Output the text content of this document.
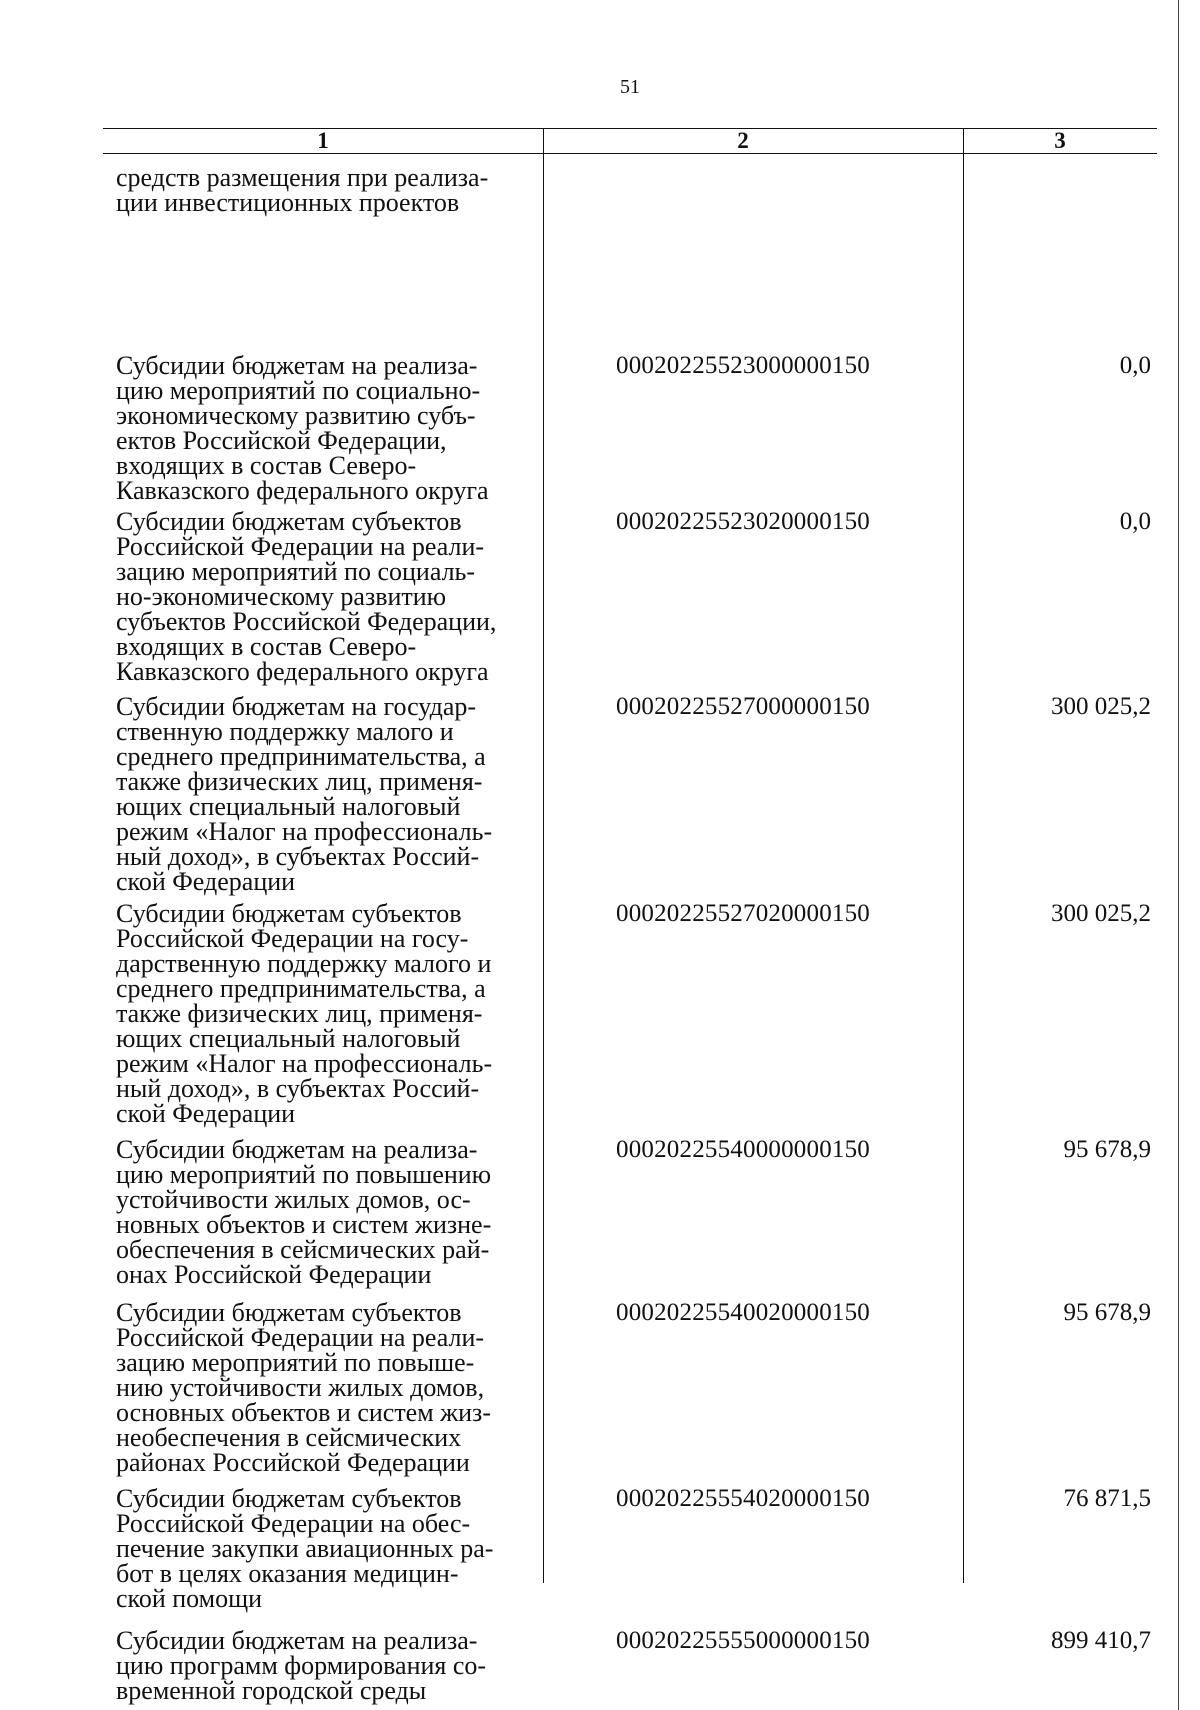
51
1	2	3
средств размещения при реализа-
ции инвестиционных проектов
Субсидии бюджетам на реализа-
цию мероприятий по социально-
экономическому развитию субъ-
ектов Российской Федерации,
входящих в состав Северо-
Кавказского федерального округа
00020225523000000150	0,0
Субсидии бюджетам субъектов
Российской Федерации на реали-
зацию мероприятий по социаль-
но-экономическому развитию
субъектов Российской Федерации,
входящих в состав Северо-
Кавказского федерального округа
00020225523020000150	0,0
Субсидии бюджетам на государ-
ственную поддержку малого и
среднего предпринимательства, а
также физических лиц, применя-
ющих специальный налоговый
режим «Налог на профессиональ-
ный доход», в субъектах Россий-
ской Федерации
00020225527000000150	300 025,2
Субсидии бюджетам субъектов
Российской Федерации на госу-
дарственную поддержку малого и
среднего предпринимательства, а
также физических лиц, применя-
ющих специальный налоговый
режим «Налог на профессиональ-
ный доход», в субъектах Россий-
ской Федерации
00020225527020000150	300 025,2
Субсидии бюджетам на реализа-
цию мероприятий по повышению
устойчивости жилых домов, ос-
новных объектов и систем жизне-
обеспечения в сейсмических рай-
онах Российской Федерации
00020225540000000150	95 678,9
Субсидии бюджетам субъектов
Российской Федерации на реали-
зацию мероприятий по повыше-
нию устойчивости жилых домов,
основных объектов и систем жиз-
необеспечения в сейсмических
районах Российской Федерации
00020225540020000150	95 678,9
Субсидии бюджетам субъектов
Российской Федерации на обес-
печение закупки авиационных ра-
бот в целях оказания медицин-
ской помощи
00020225554020000150	76 871,5
Субсидии бюджетам на реализа-
цию программ формирования со-
временной городской среды
00020225555000000150	899 410,7
